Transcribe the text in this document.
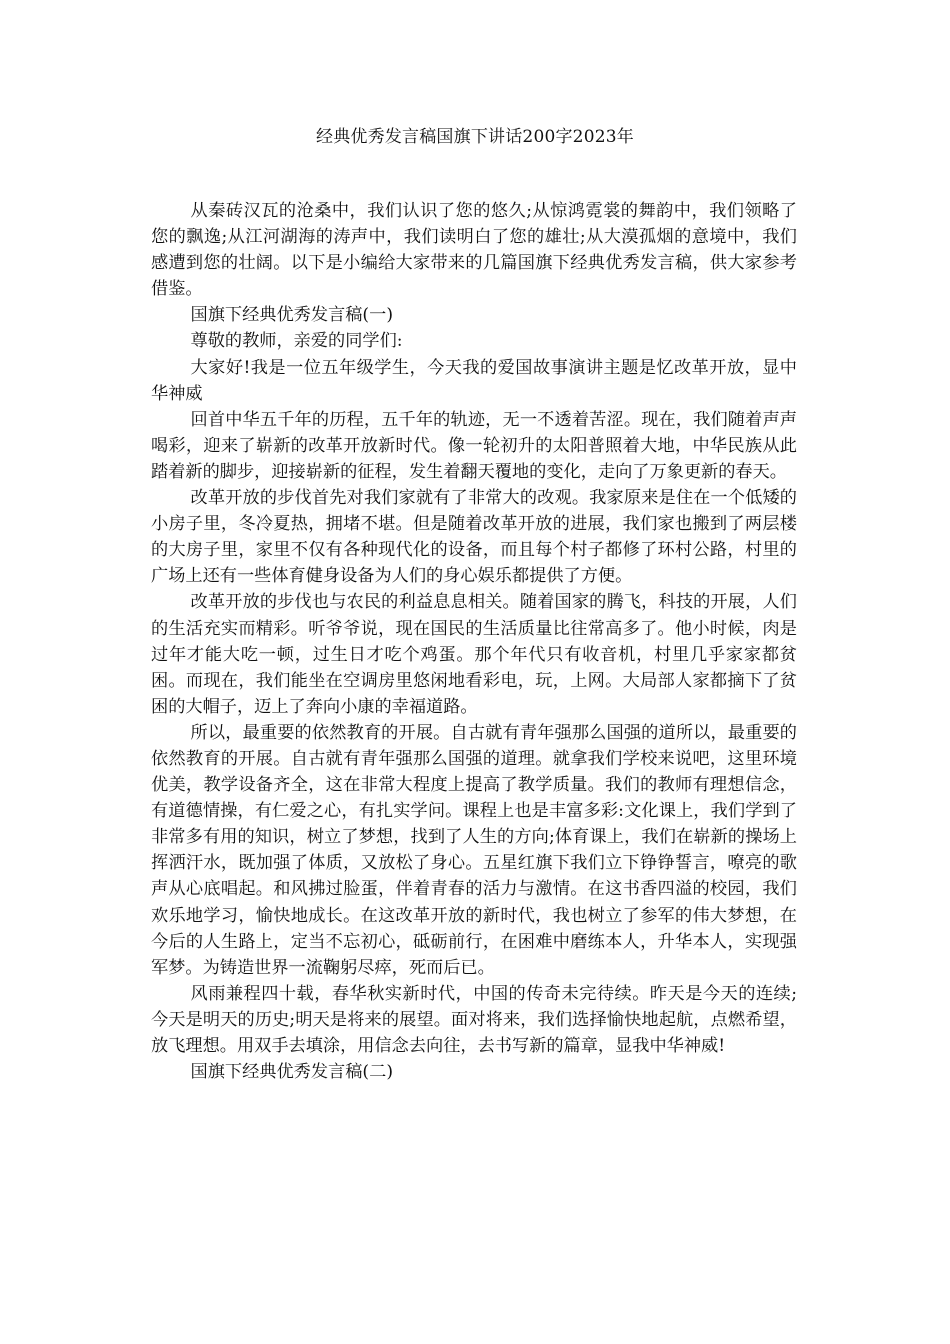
经典优秀发言稿国旗下讲话200字2023年

从秦砖汉瓦的沧桑中，我们认识了您的悠久;从惊鸿霓裳的舞韵中，我们领略了您的飘逸;从江河湖海的涛声中，我们读明白了您的雄壮;从大漠孤烟的意境中，我们感遭到您的壮阔。以下是小编给大家带来的几篇国旗下经典优秀发言稿，供大家参考借鉴。

国旗下经典优秀发言稿(一)

尊敬的教师，亲爱的同学们:

大家好!我是一位五年级学生，今天我的爱国故事演讲主题是忆改革开放，显中华神威

回首中华五千年的历程，五千年的轨迹，无一不透着苦涩。现在，我们随着声声喝彩，迎来了崭新的改革开放新时代。像一轮初升的太阳普照着大地，中华民族从此踏着新的脚步，迎接崭新的征程，发生着翻天覆地的变化，走向了万象更新的春天。

改革开放的步伐首先对我们家就有了非常大的改观。我家原来是住在一个低矮的小房子里，冬冷夏热，拥堵不堪。但是随着改革开放的进展，我们家也搬到了两层楼的大房子里，家里不仅有各种现代化的设备，而且每个村子都修了环村公路，村里的广场上还有一些体育健身设备为人们的身心娱乐都提供了方便。

改革开放的步伐也与农民的利益息息相关。随着国家的腾飞，科技的开展，人们的生活充实而精彩。听爷爷说，现在国民的生活质量比往常高多了。他小时候，肉是过年才能大吃一顿，过生日才吃个鸡蛋。那个年代只有收音机，村里几乎家家都贫困。而现在，我们能坐在空调房里悠闲地看彩电，玩，上网。大局部人家都摘下了贫困的大帽子，迈上了奔向小康的幸福道路。

所以，最重要的依然教育的开展。自古就有青年强那么国强的道所以，最重要的依然教育的开展。自古就有青年强那么国强的道理。就拿我们学校来说吧，这里环境优美，教学设备齐全，这在非常大程度上提高了教学质量。我们的教师有理想信念，有道德情操，有仁爱之心，有扎实学问。课程上也是丰富多彩:文化课上，我们学到了非常多有用的知识，树立了梦想，找到了人生的方向;体育课上，我们在崭新的操场上挥洒汗水，既加强了体质，又放松了身心。五星红旗下我们立下铮铮誓言，嘹亮的歌声从心底唱起。和风拂过脸蛋，伴着青春的活力与激情。在这书香四溢的校园，我们欢乐地学习，愉快地成长。在这改革开放的新时代，我也树立了参军的伟大梦想，在今后的人生路上，定当不忘初心，砥砺前行，在困难中磨练本人，升华本人，实现强军梦。为铸造世界一流鞠躬尽瘁，死而后已。

风雨兼程四十载，春华秋实新时代，中国的传奇未完待续。昨天是今天的连续;今天是明天的历史;明天是将来的展望。面对将来，我们选择愉快地起航，点燃希望，放飞理想。用双手去填涂，用信念去向往，去书写新的篇章，显我中华神威!

国旗下经典优秀发言稿(二)
